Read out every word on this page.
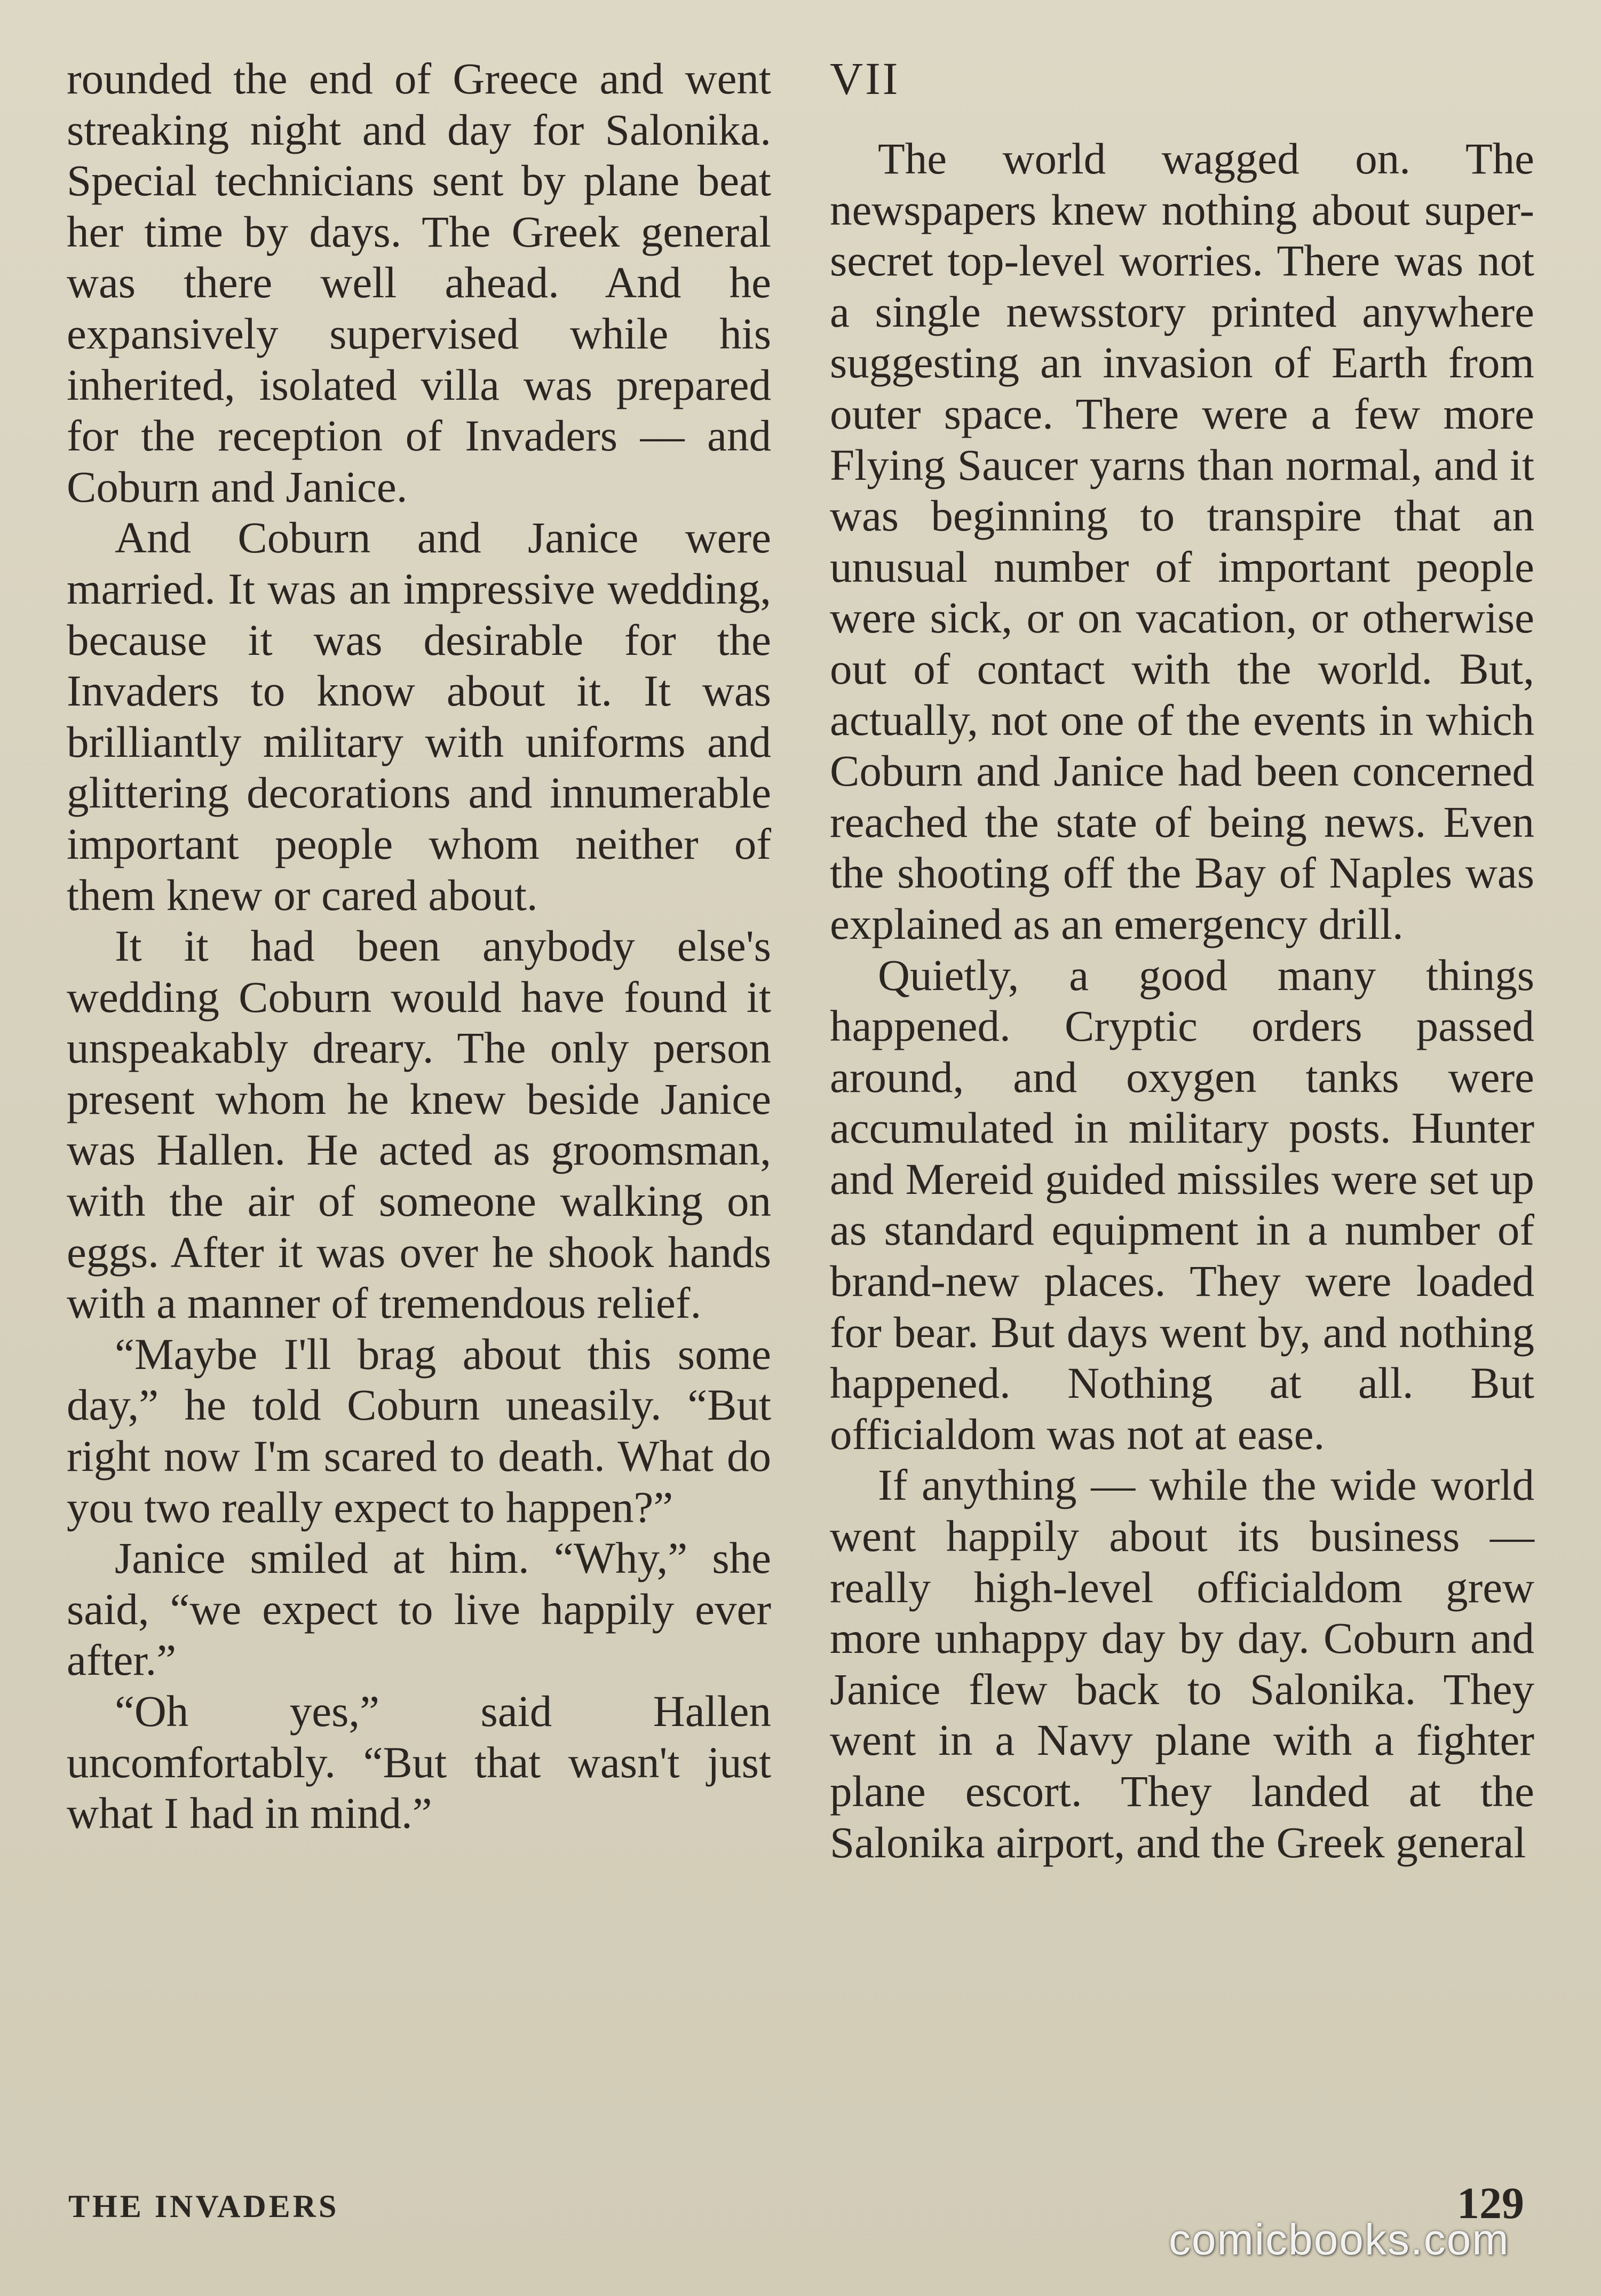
rounded the end of Greece and went streaking night and day for Salonika. Special technicians sent by plane beat her time by days. The Greek general was there well ahead. And he expansively supervised while his inherited, isolated villa was prepared for the reception of Invaders — and Coburn and Janice.

And Coburn and Janice were married. It was an impressive wedding, because it was desirable for the Invaders to know about it. It was brilliantly military with uniforms and glittering decorations and innumerable important people whom neither of them knew or cared about.

It it had been anybody else's wedding Coburn would have found it unspeakably dreary. The only person present whom he knew beside Janice was Hallen. He acted as groomsman, with the air of someone walking on eggs. After it was over he shook hands with a manner of tremendous relief.

“Maybe I'll brag about this some day,” he told Coburn uneasily. “But right now I'm scared to death. What do you two really expect to happen?”

Janice smiled at him. “Why,” she said, “we expect to live happily ever after.”

“Oh yes,” said Hallen uncomfortably. “But that wasn't just what I had in mind.”

VII

The world wagged on. The newspapers knew nothing about super-secret top-level worries. There was not a single newsstory printed anywhere suggesting an invasion of Earth from outer space. There were a few more Flying Saucer yarns than normal, and it was beginning to transpire that an unusual number of important people were sick, or on vacation, or otherwise out of contact with the world. But, actually, not one of the events in which Coburn and Janice had been concerned reached the state of being news. Even the shooting off the Bay of Naples was explained as an emergency drill.

Quietly, a good many things happened. Cryptic orders passed around, and oxygen tanks were accumulated in military posts. Hunter and Mereid guided missiles were set up as standard equipment in a number of brand-new places. They were loaded for bear. But days went by, and nothing happened. Nothing at all. But officialdom was not at ease.

If anything — while the wide world went happily about its business — really high-level officialdom grew more unhappy day by day. Coburn and Janice flew back to Salonika. They went in a Navy plane with a fighter plane escort. They landed at the Salonika airport, and the Greek general

THE INVADERS	129
comicbooks.com
